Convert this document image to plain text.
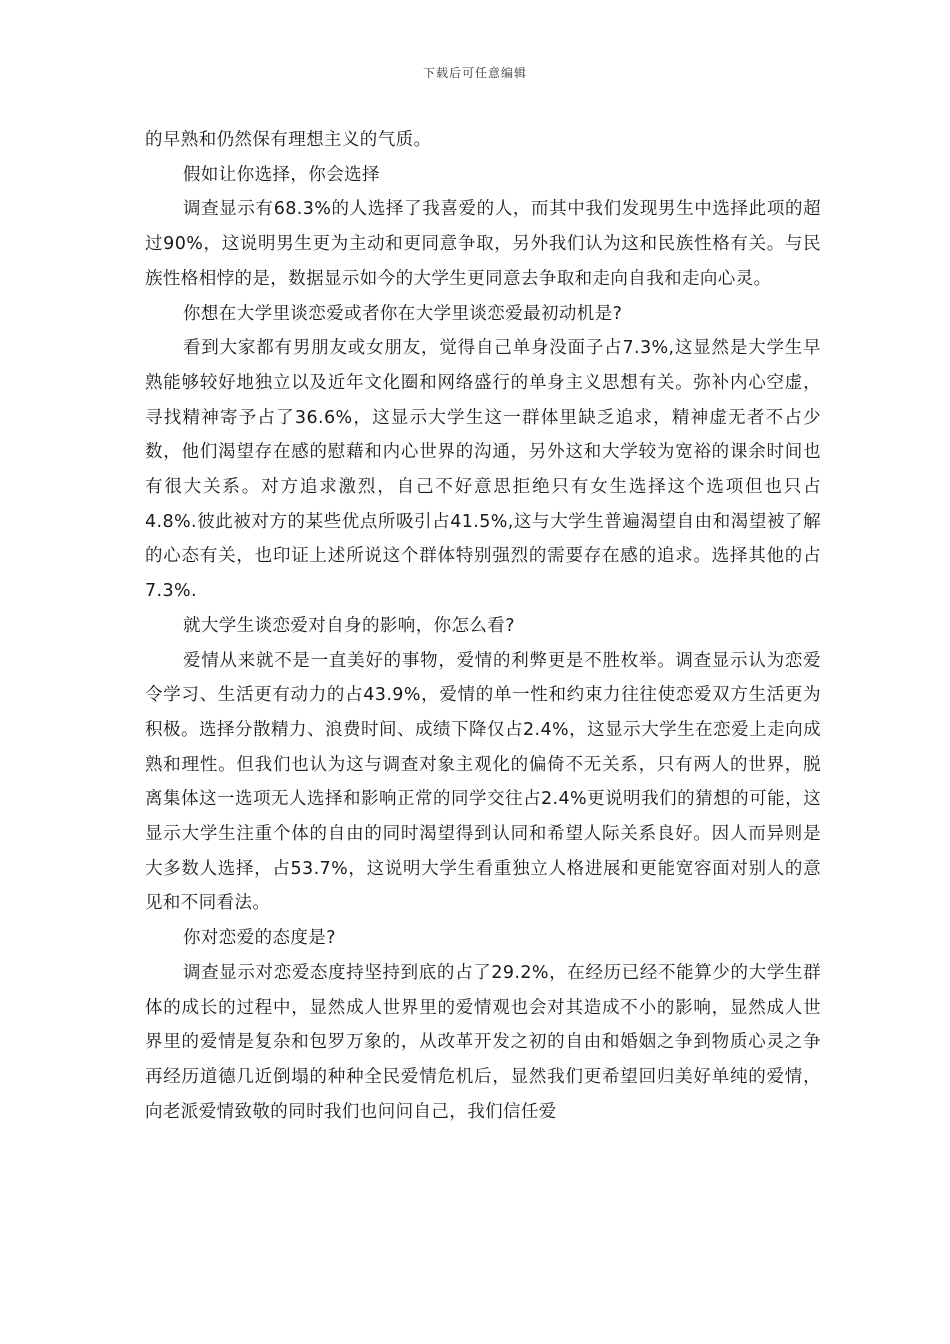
下载后可任意编辑

的早熟和仍然保有理想主义的气质。

假如让你选择，你会选择

调查显示有68.3%的人选择了我喜爱的人，而其中我们发现男生中选择此项的超过90%，这说明男生更为主动和更同意争取，另外我们认为这和民族性格有关。与民族性格相悖的是，数据显示如今的大学生更同意去争取和走向自我和走向心灵。

你想在大学里谈恋爱或者你在大学里谈恋爱最初动机是?

看到大家都有男朋友或女朋友，觉得自己单身没面子占7.3%,这显然是大学生早熟能够较好地独立以及近年文化圈和网络盛行的单身主义思想有关。弥补内心空虚，寻找精神寄予占了36.6%，这显示大学生这一群体里缺乏追求，精神虚无者不占少数，他们渴望存在感的慰藉和内心世界的沟通，另外这和大学较为宽裕的课余时间也有很大关系。对方追求激烈，自己不好意思拒绝只有女生选择这个选项但也只占4.8%.彼此被对方的某些优点所吸引占41.5%,这与大学生普遍渴望自由和渴望被了解的心态有关，也印证上述所说这个群体特别强烈的需要存在感的追求。选择其他的占7.3%.

就大学生谈恋爱对自身的影响，你怎么看?

爱情从来就不是一直美好的事物，爱情的利弊更是不胜枚举。调查显示认为恋爱令学习、生活更有动力的占43.9%，爱情的单一性和约束力往往使恋爱双方生活更为积极。选择分散精力、浪费时间、成绩下降仅占2.4%，这显示大学生在恋爱上走向成熟和理性。但我们也认为这与调查对象主观化的偏倚不无关系，只有两人的世界，脱离集体这一选项无人选择和影响正常的同学交往占2.4%更说明我们的猜想的可能，这显示大学生注重个体的自由的同时渴望得到认同和希望人际关系良好。因人而异则是大多数人选择，占53.7%，这说明大学生看重独立人格进展和更能宽容面对别人的意见和不同看法。

你对恋爱的态度是?

调查显示对恋爱态度持坚持到底的占了29.2%，在经历已经不能算少的大学生群体的成长的过程中，显然成人世界里的爱情观也会对其造成不小的影响，显然成人世界里的爱情是复杂和包罗万象的，从改革开发之初的自由和婚姻之争到物质心灵之争再经历道德几近倒塌的种种全民爱情危机后，显然我们更希望回归美好单纯的爱情，向老派爱情致敬的同时我们也问问自己，我们信任爱
